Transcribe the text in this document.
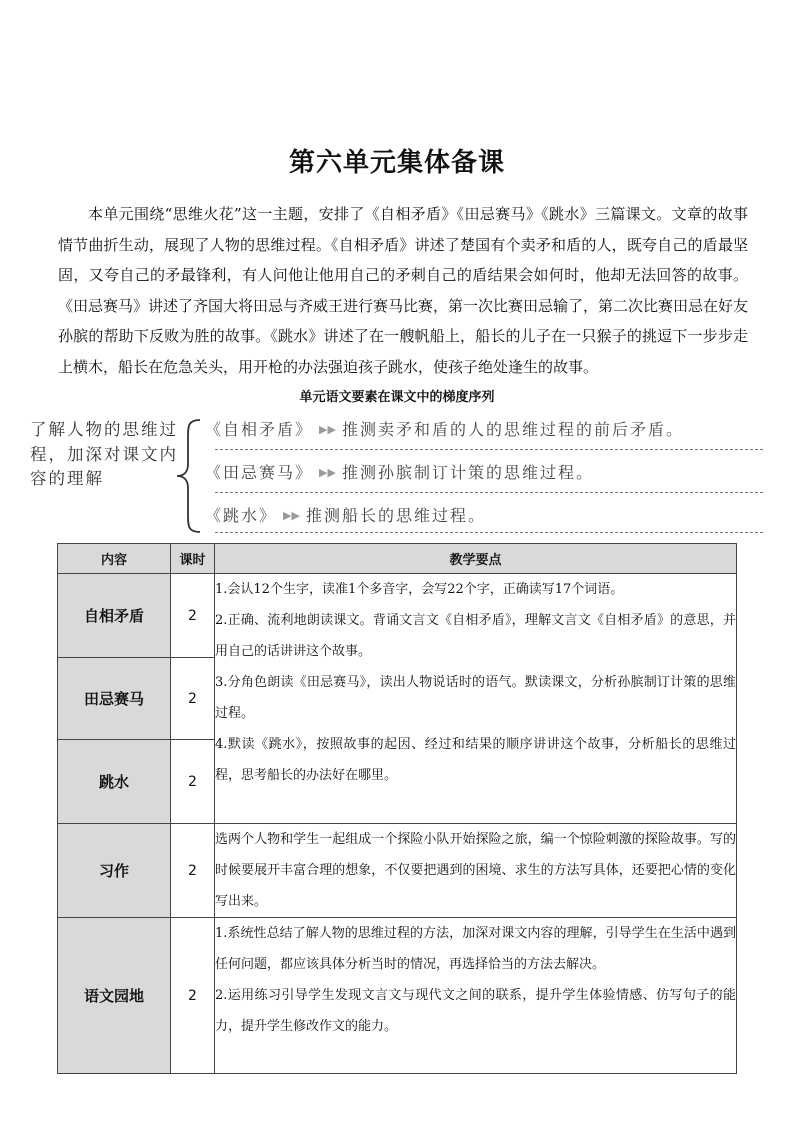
第六单元集体备课

本单元围绕“思维火花”这一主题，安排了《自相矛盾》《田忌赛马》《跳水》三篇课文。文章的故事情节曲折生动，展现了人物的思维过程。《自相矛盾》讲述了楚国有个卖矛和盾的人，既夸自己的盾最坚固，又夸自己的矛最锋利，有人问他让他用自己的矛刺自己的盾结果会如何时，他却无法回答的故事。《田忌赛马》讲述了齐国大将田忌与齐威王进行赛马比赛，第一次比赛田忌输了，第二次比赛田忌在好友孙膑的帮助下反败为胜的故事。《跳水》讲述了在一艘帆船上，船长的儿子在一只猴子的挑逗下一步步走上横木，船长在危急关头，用开枪的办法强迫孩子跳水，使孩子绝处逢生的故事。

单元语文要素在课文中的梯度序列
了解人物的思维过程，加深对课文内容的理解
《自相矛盾》 ▶▶ 推测卖矛和盾的人的思维过程的前后矛盾。
《田忌赛马》 ▶▶ 推测孙膑制订计策的思维过程。
《跳水》 ▶▶ 推测船长的思维过程。
内容	课时	教学要点
自相矛盾	2	1.会认12个生字，读准1个多音字，会写22个字，正确读写17个词语。

2.正确、流利地朗读课文。背诵文言文《自相矛盾》，理解文言文《自相矛盾》的意思，并用自己的话讲讲这个故事。

3.分角色朗读《田忌赛马》，读出人物说话时的语气。默读课文，分析孙膑制订计策的思维过程。

4.默读《跳水》，按照故事的起因、经过和结果的顺序讲讲这个故事，分析船长的思维过程，思考船长的办法好在哪里。

田忌赛马	2	
跳水	2	
习作	2	选两个人物和学生一起组成一个探险小队开始探险之旅，编一个惊险刺激的探险故事。写的时候要展开丰富合理的想象，不仅要把遇到的困境、求生的方法写具体，还要把心情的变化写出来。

语文园地	2	1.系统性总结了解人物的思维过程的方法，加深对课文内容的理解，引导学生在生活中遇到任何问题，都应该具体分析当时的情况，再选择恰当的方法去解决。

2.运用练习引导学生发现文言文与现代文之间的联系，提升学生体验情感、仿写句子的能力，提升学生修改作文的能力。
